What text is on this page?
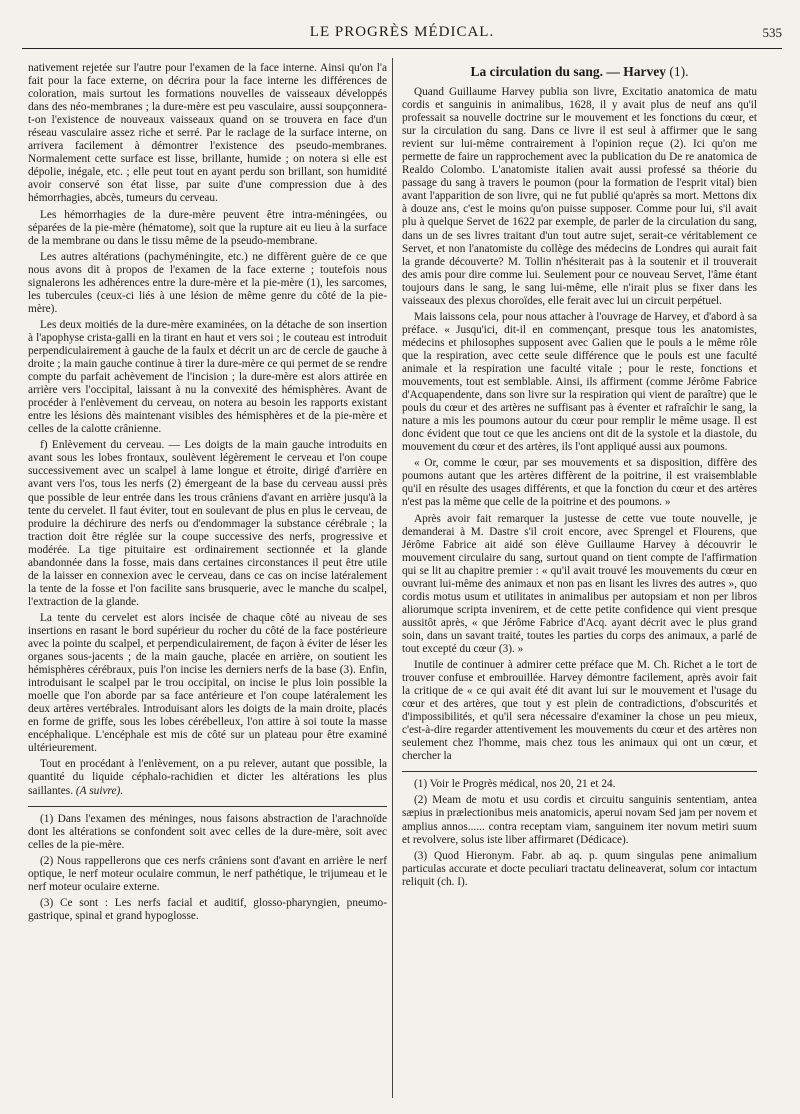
LE PROGRÈS MÉDICAL.	535

nativement rejetée sur l'autre pour l'examen de la face interne. Ainsi qu'on l'a fait pour la face externe, on décrira pour la face interne les différences de coloration, mais surtout les formations nouvelles de vaisseaux développés dans des néo-membranes ; la dure-mère est peu vasculaire, aussi soupçonnera-t-on l'existence de nouveaux vaisseaux quand on se trouvera en face d'un réseau vasculaire assez riche et serré. Par le raclage de la surface interne, on arrivera facilement à démontrer l'existence des pseudo-membranes. Normalement cette surface est lisse, brillante, humide ; on notera si elle est dépolie, inégale, etc. ; elle peut tout en ayant perdu son brillant, son humidité avoir conservé son état lisse, par suite d'une compression due à des hémorrhagies, abcès, tumeurs du cerveau.

Les hémorrhagies de la dure-mère peuvent être intra-méningées, ou séparées de la pie-mère (hématome), soit que la rupture ait eu lieu à la surface de la membrane ou dans le tissu même de la pseudo-membrane.

Les autres altérations (pachyméningite, etc.) ne diffèrent guère de ce que nous avons dit à propos de l'examen de la face externe ; toutefois nous signalerons les adhérences entre la dure-mère et la pie-mère (1), les sarcomes, les tubercules (ceux-ci liés à une lésion de même genre du côté de la pie-mère).

Les deux moitiés de la dure-mère examinées, on la détache de son insertion à l'apophyse crista-galli en la tirant en haut et vers soi ; le couteau est introduit perpendiculairement à gauche de la faulx et décrit un arc de cercle de gauche à droite ; la main gauche continue à tirer la dure-mère ce qui permet de se rendre compte du parfait achèvement de l'incision ; la dure-mère est alors attirée en arrière vers l'occipital, laissant à nu la convexité des hémisphères. Avant de procéder à l'enlèvement du cerveau, on notera au besoin les rapports existant entre les lésions dès maintenant visibles des hémisphères et de la pie-mère et celles de la calotte crânienne.

f) Enlèvement du cerveau. — Les doigts de la main gauche introduits en avant sous les lobes frontaux, soulèvent légèrement le cerveau et l'on coupe successivement avec un scalpel à lame longue et étroite, dirigé d'arrière en avant vers l'os, tous les nerfs (2) émergeant de la base du cerveau aussi près que possible de leur entrée dans les trous crâniens d'avant en arrière jusqu'à la tente du cervelet. Il faut éviter, tout en soulevant de plus en plus le cerveau, de produire la déchirure des nerfs ou d'endommager la substance cérébrale ; la traction doit être réglée sur la coupe successive des nerfs, progressive et modérée. La tige pituitaire est ordinairement sectionnée et la glande abandonnée dans la fosse, mais dans certaines circonstances il peut être utile de la laisser en connexion avec le cerveau, dans ce cas on incise latéralement la tente de la fosse et l'on facilite sans brusquerie, avec le manche du scalpel, l'extraction de la glande.

La tente du cervelet est alors incisée de chaque côté au niveau de ses insertions en rasant le bord supérieur du rocher du côté de la face postérieure avec la pointe du scalpel, et perpendiculairement, de façon à éviter de léser les organes sous-jacents ; de la main gauche, placée en arrière, on soutient les hémisphères cérébraux, puis l'on incise les derniers nerfs de la base (3). Enfin, introduisant le scalpel par le trou occipital, on incise le plus loin possible la moelle que l'on aborde par sa face antérieure et l'on coupe latéralement les deux artères vertébrales. Introduisant alors les doigts de la main droite, placés en forme de griffe, sous les lobes cérébelleux, l'on attire à soi toute la masse encéphalique. L'encéphale est mis de côté sur un plateau pour être examiné ultérieurement.

Tout en procédant à l'enlèvement, on a pu relever, autant que possible, la quantité du liquide céphalo-rachidien et dicter les altérations les plus saillantes. (A suivre).

(1) Dans l'examen des méninges, nous faisons abstraction de l'arachnoïde dont les altérations se confondent soit avec celles de la dure-mère, soit avec celles de la pie-mère.

(2) Nous rappellerons que ces nerfs crâniens sont d'avant en arrière le nerf optique, le nerf moteur oculaire commun, le nerf pathétique, le trijumeau et le nerf moteur oculaire externe.

(3) Ce sont : Les nerfs facial et auditif, glosso-pharyngien, pneumo-gastrique, spinal et grand hypoglosse.

La circulation du sang. — Harvey (1).

Quand Guillaume Harvey publia son livre, Excitatio anatomica de matu cordis et sanguinis in animalibus, 1628, il y avait plus de neuf ans qu'il professait sa nouvelle doctrine sur le mouvement et les fonctions du cœur, et sur la circulation du sang. Dans ce livre il est seul à affirmer que le sang revient sur lui-même contrairement à l'opinion reçue (2). Ici qu'on me permette de faire un rapprochement avec la publication du De re anatomica de Realdo Colombo. L'anatomiste italien avait aussi professé sa théorie du passage du sang à travers le poumon (pour la formation de l'esprit vital) bien avant l'apparition de son livre, qui ne fut publié qu'après sa mort. Mettons dix à douze ans, c'est le moins qu'on puisse supposer. Comme pour lui, s'il avait plu à quelque Servet de 1622 par exemple, de parler de la circulation du sang, dans un de ses livres traitant d'un tout autre sujet, serait-ce véritablement ce Servet, et non l'anatomiste du collège des médecins de Londres qui aurait fait la grande découverte? M. Tollin n'hésiterait pas à la soutenir et il trouverait des amis pour dire comme lui. Seulement pour ce nouveau Servet, l'âme étant toujours dans le sang, le sang lui-même, elle n'irait plus se fixer dans les vaisseaux des plexus choroïdes, elle ferait avec lui un circuit perpétuel.

Mais laissons cela, pour nous attacher à l'ouvrage de Harvey, et d'abord à sa préface. « Jusqu'ici, dit-il en commençant, presque tous les anatomistes, médecins et philosophes supposent avec Galien que le pouls a le même rôle que la respiration, avec cette seule différence que le pouls est une faculté animale et la respiration une faculté vitale ; pour le reste, fonctions et mouvements, tout est semblable. Ainsi, ils affirment (comme Jérôme Fabrice d'Acquapendente, dans son livre sur la respiration qui vient de paraître) que le pouls du cœur et des artères ne suffisant pas à éventer et rafraîchir le sang, la nature a mis les poumons autour du cœur pour remplir le même usage. Il est donc évident que tout ce que les anciens ont dit de la systole et la diastole, du mouvement du cœur et des artères, ils l'ont appliqué aussi aux poumons.

« Or, comme le cœur, par ses mouvements et sa disposition, diffère des poumons autant que les artères diffèrent de la poitrine, il est vraisemblable qu'il en résulte des usages différents, et que la fonction du cœur et des artères n'est pas la même que celle de la poitrine et des poumons. »

Après avoir fait remarquer la justesse de cette vue toute nouvelle, je demanderai à M. Dastre s'il croit encore, avec Sprengel et Flourens, que Jérôme Fabrice ait aidé son élève Guillaume Harvey à découvrir le mouvement circulaire du sang, surtout quand on tient compte de l'affirmation qui se lit au chapitre premier : « qu'il avait trouvé les mouvements du cœur en ouvrant lui-même des animaux et non pas en lisant les livres des autres », quo cordis motus usum et utilitates in animalibus per autopsiam et non per libros aliorumque scripta invenirem, et de cette petite confidence qui vient presque aussitôt après, « que Jérôme Fabrice d'Acq. ayant décrit avec le plus grand soin, dans un savant traité, toutes les parties du corps des animaux, a parlé de tout excepté du cœur (3). »

Inutile de continuer à admirer cette préface que M. Ch. Richet a le tort de trouver confuse et embrouillée. Harvey démontre facilement, après avoir fait la critique de « ce qui avait été dit avant lui sur le mouvement et l'usage du cœur et des artères, que tout y est plein de contradictions, d'obscurités et d'impossibilités, et qu'il sera nécessaire d'examiner la chose un peu mieux, c'est-à-dire regarder attentivement les mouvements du cœur et des artères non seulement chez l'homme, mais chez tous les animaux qui ont un cœur, et chercher la

(1) Voir le Progrès médical, nos 20, 21 et 24.

(2) Meam de motu et usu cordis et circuitu sanguinis sententiam, antea sæpius in prælectionibus meis anatomicis, aperui novam Sed jam per novem et amplius annos...... contra receptam viam, sanguinem iter novum metiri suum et revolvere, solus iste liber affirmaret (Dédicace).

(3) Quod Hieronym. Fabr. ab aq. p. quum singulas pene animalium particulas accurate et docte peculiari tractatu delineaverat, solum cor intactum reliquit (ch. I).
